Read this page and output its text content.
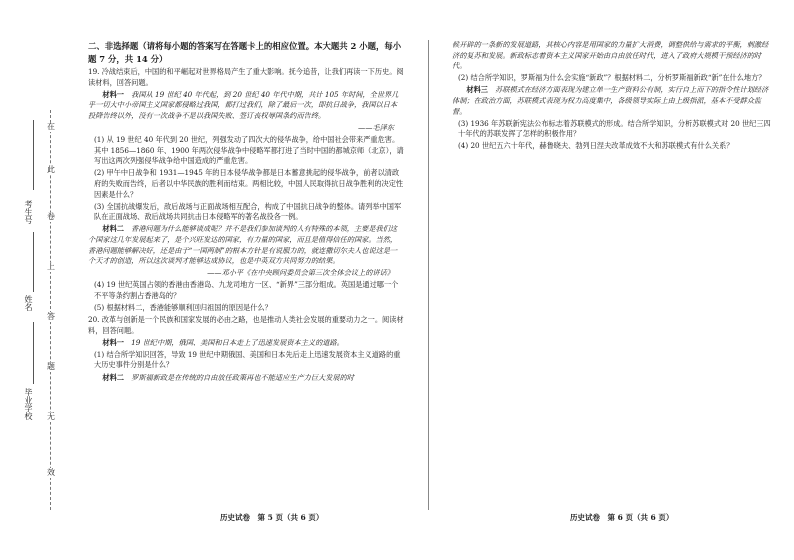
在
此
卷
上
答
题
无
效
考生号
姓名
毕业学校
二、非选择题（请将每小题的答案写在答题卡上的相应位置。本大题共 2 小题，每小题 7 分，共 14 分）

19. 冷战结束后，中国的和平崛起对世界格局产生了重大影响。抚今追昔，让我们再读一下历史。阅读材料，回答问题。

材料一　 我国从 19 世纪 40 年代起，到 20 世纪 40 年代中期，共计 105 年时间，全世界几乎一切大中小帝国主义国家都侵略过我国，都打过我们，除了最后一次，即抗日战争，我国以日本投降告终以外，没有一次战争不是以我国失败、签订丧权辱国条约而告终。

——毛泽东

(1) 从 19 世纪 40 年代到 20 世纪，列强发动了四次大的侵华战争，给中国社会带来严重危害。其中 1856—1860 年、1900 年两次侵华战争中侵略军都打进了当时中国的都城京师（北京），请写出这两次列强侵华战争给中国造成的严重危害。

(2) 甲午中日战争和 1931—1945 年的日本侵华战争都是日本蓄意挑起的侵华战争，前者以清政府的失败而告终，后者以中华民族的胜利而结束。两相比较，中国人民取得抗日战争胜利的决定性因素是什么？

(3) 全国抗战爆发后，敌后战场与正面战场相互配合，构成了中国抗日战争的整体。请列举中国军队在正面战场、敌后战场共同抗击日本侵略军的著名战役各一例。

材料二　 香港问题为什么能够谈成呢？并不是我们参加谈判的人有特殊的本领，主要是我们这个国家这几年发展起来了，是个兴旺发达的国家，有力量的国家，而且是值得信任的国家。当然，香港问题能够解决好，还是由于“一国两制”的根本方针是有说服力的，就连撒切尔夫人也说这是一个天才的创造，所以这次谈判才能够达成协议，也是中英双方共同努力的结果。

——邓小平《在中央顾问委员会第三次全体会议上的讲话》

(4) 19 世纪英国占领的香港由香港岛、九龙司地方一区、“新界”三部分组成。英国是通过哪一个不平等条约割占香港岛的？

(5) 根据材料二，香港能够顺利回归祖国的原因是什么？

20. 改革与创新是一个民族和国家发展的必由之路，也是推动人类社会发展的重要动力之一。阅读材料，回答问题。

材料一　 19 世纪中期，俄国、美国和日本走上了迅速发展资本主义的道路。

(1) 结合所学知识回答，导致 19 世纪中期俄国、美国和日本先后走上迅速发展资本主义道路的重大历史事件分别是什么？

材料二　 罗斯福新政是在传统的自由放任政策再也不能适应生产力巨大发展的时

候开辟的一条新的发展道路，其核心内容是用国家的力量扩大消费，调整供给与需求的平衡，刺激经济的复苏和发展。新政标志着资本主义国家开始由自由放任时代，进入了政府大规模干预经济的时代。

(2) 结合所学知识，罗斯福为什么会实施“新政”？根据材料二，分析罗斯福新政“新”在什么地方？

材料三　 苏联模式在经济方面表现为建立单一生产资料公有制，实行自上而下的指令性计划经济体制；在政治方面，苏联模式表现为权力高度集中，各级领导实际上由上级指派，基本不受群众监督。

(3) 1936 年苏联新宪法公布标志着苏联模式的形成。结合所学知识，分析苏联模式对 20 世纪三四十年代的苏联发挥了怎样的积极作用？

(4) 20 世纪五六十年代，赫鲁晓夫、勃列日涅夫改革成效不大和苏联模式有什么关系？

历史试卷　第 5 页（共 6 页）	历史试卷　第 6 页（共 6 页）
